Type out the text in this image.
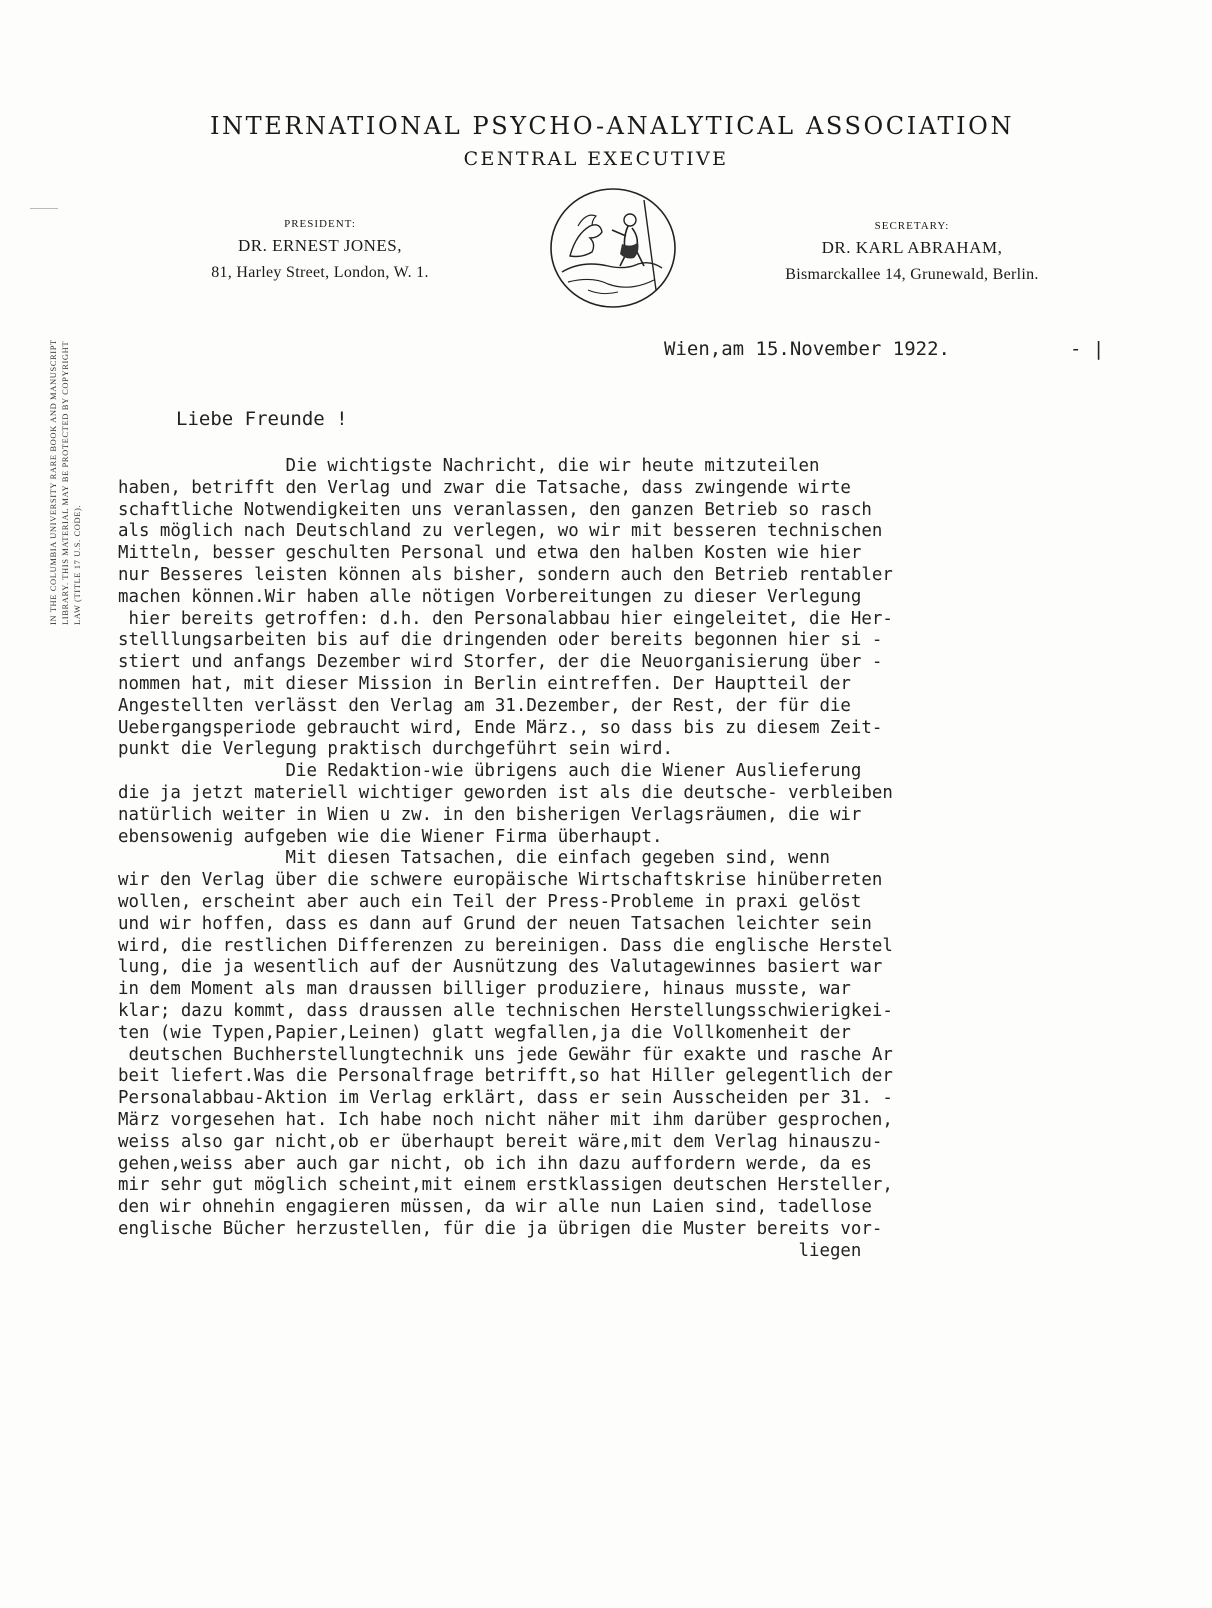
INTERNATIONAL PSYCHO-ANALYTICAL ASSOCIATION
CENTRAL EXECUTIVE
PRESIDENT:
DR. ERNEST JONES,
81, Harley Street, London, W. 1.
SECRETARY:
DR. KARL ABRAHAM,
Bismarckallee 14, Grunewald, Berlin.
IN THE COLUMBIA UNIVERSITY RARE BOOK AND MANUSCRIPT LIBRARY. THIS MATERIAL MAY BE PROTECTED BY COPYRIGHT LAW (TITLE 17 U.S. CODE).
Wien,am 15.November 1922.	- |
Liebe Freunde !
Die wichtigste Nachricht, die wir heute mitzuteilen
haben, betrifft den Verlag und zwar die Tatsache, dass zwingende wirte
schaftliche Notwendigkeiten uns veranlassen, den ganzen Betrieb so rasch
als möglich nach Deutschland zu verlegen, wo wir mit besseren technischen
Mitteln, besser geschulten Personal und etwa den halben Kosten wie hier
nur Besseres leisten können als bisher, sondern auch den Betrieb rentabler
machen können.Wir haben alle nötigen Vorbereitungen zu dieser Verlegung
hier bereits getroffen: d.h. den Personalabbau hier eingeleitet, die Her-
stelllungsarbeiten bis auf die dringenden oder bereits begonnen hier si -
stiert und anfangs Dezember wird Storfer, der die Neuorganisierung über -
nommen hat, mit dieser Mission in Berlin eintreffen. Der Hauptteil der
Angestellten verlässt den Verlag am 31.Dezember, der Rest, der für die
Uebergangsperiode gebraucht wird, Ende März., so dass bis zu diesem Zeit-
punkt die Verlegung praktisch durchgeführt sein wird.
Die Redaktion-wie übrigens auch die Wiener Auslieferung
die ja jetzt materiell wichtiger geworden ist als die deutsche- verbleiben
natürlich weiter in Wien u zw. in den bisherigen Verlagsräumen, die wir
ebensowenig aufgeben wie die Wiener Firma überhaupt.
Mit diesen Tatsachen, die einfach gegeben sind, wenn
wir den Verlag über die schwere europäische Wirtschaftskrise hinüberreten
wollen, erscheint aber auch ein Teil der Press-Probleme in praxi gelöst
und wir hoffen, dass es dann auf Grund der neuen Tatsachen leichter sein
wird, die restlichen Differenzen zu bereinigen. Dass die englische Herstel
lung, die ja wesentlich auf der Ausnützung des Valutagewinnes basiert war
in dem Moment als man draussen billiger produziere, hinaus musste, war
klar; dazu kommt, dass draussen alle technischen Herstellungsschwierigkei-
ten (wie Typen,Papier,Leinen) glatt wegfallen,ja die Vollkomenheit der
deutschen Buchherstellungtechnik uns jede Gewähr für exakte und rasche Ar
beit liefert.Was die Personalfrage betrifft,so hat Hiller gelegentlich der
Personalabbau-Aktion im Verlag erklärt, dass er sein Ausscheiden per 31. -
März vorgesehen hat. Ich habe noch nicht näher mit ihm darüber gesprochen,
weiss also gar nicht,ob er überhaupt bereit wäre,mit dem Verlag hinauszu-
gehen,weiss aber auch gar nicht, ob ich ihn dazu auffordern werde, da es
mir sehr gut möglich scheint,mit einem erstklassigen deutschen Hersteller,
den wir ohnehin engagieren müssen, da wir alle nun Laien sind, tadellose
englische Bücher herzustellen, für die ja übrigen die Muster bereits vor-
liegen
